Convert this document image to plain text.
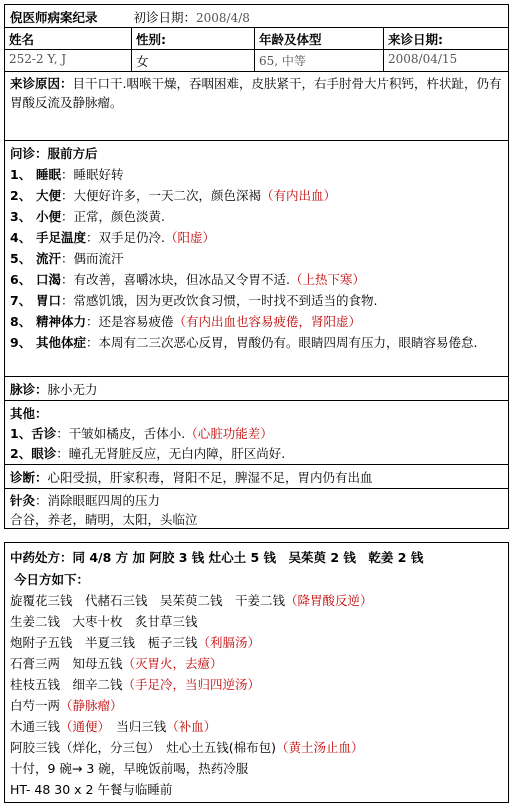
倪医师病案纪录	初诊日期：2008/4/8
姓名	性别:	年龄及体型	来诊日期:
252-2 Y, J	女	65, 中等	2008/04/15
来诊原因：目干口干.咽喉干燥，吞咽困难，皮肤紧干，右手肘骨大片积钙，杵状趾，仍有胃酸反流及静脉瘤。
问诊：服前方后
1、 睡眠：睡眠好转
2、 大便：大便好许多，一天二次，颜色深褐（有内出血）
3、 小便：正常，颜色淡黄.
4、 手足温度：双手足仍冷.（阳虚）
5、 流汗：偶而流汗
6、 口渴：有改善，喜嚼冰块，但冰品又令胃不适.（上热下寒）
7、 胃口：常感饥饿，因为更改饮食习惯，一时找不到适当的食物.
8、 精神体力：还是容易疲倦（有内出血也容易疲倦，肾阳虚）
9、 其他体症：本周有二三次恶心反胃，胃酸仍有。眼睛四周有压力，眼睛容易倦怠.
脉诊：脉小无力
其他：
1、舌诊：干皱如橘皮，舌体小.（心脏功能差）
2、眼诊：瞳孔无肾脏反应，无白内障，肝区尚好.
诊断：心阳受损，肝家积毒，肾阳不足，脾湿不足，胃内仍有出血
针灸：消除眼眶四周的压力
合谷，养老，睛明，太阳，头临泣
中药处方：同 4/8 方 加 阿胶 3 钱 灶心土 5 钱　吴茱萸 2 钱　乾姜 2 钱
今日方如下：
旋覆花三钱　代赭石三钱　吴茱萸二钱　干姜二钱（降胃酸反逆）
生姜二钱　大枣十枚　炙甘草三钱
炮附子五钱　半夏三钱　栀子三钱（利膈汤）
石膏三两　知母五钱（灭胃火，去癔）
桂枝五钱　细辛二钱（手足冷，当归四逆汤）
白芍一两（静脉瘤）
木通三钱（通便）　当归三钱（补血）
阿胶三钱（烊化，分三包）　灶心土五钱(棉布包)（黄土汤止血）
十付，9 碗→ 3 碗，早晚饭前喝，热药冷服
HT- 48 30 x 2 午餐与临睡前
